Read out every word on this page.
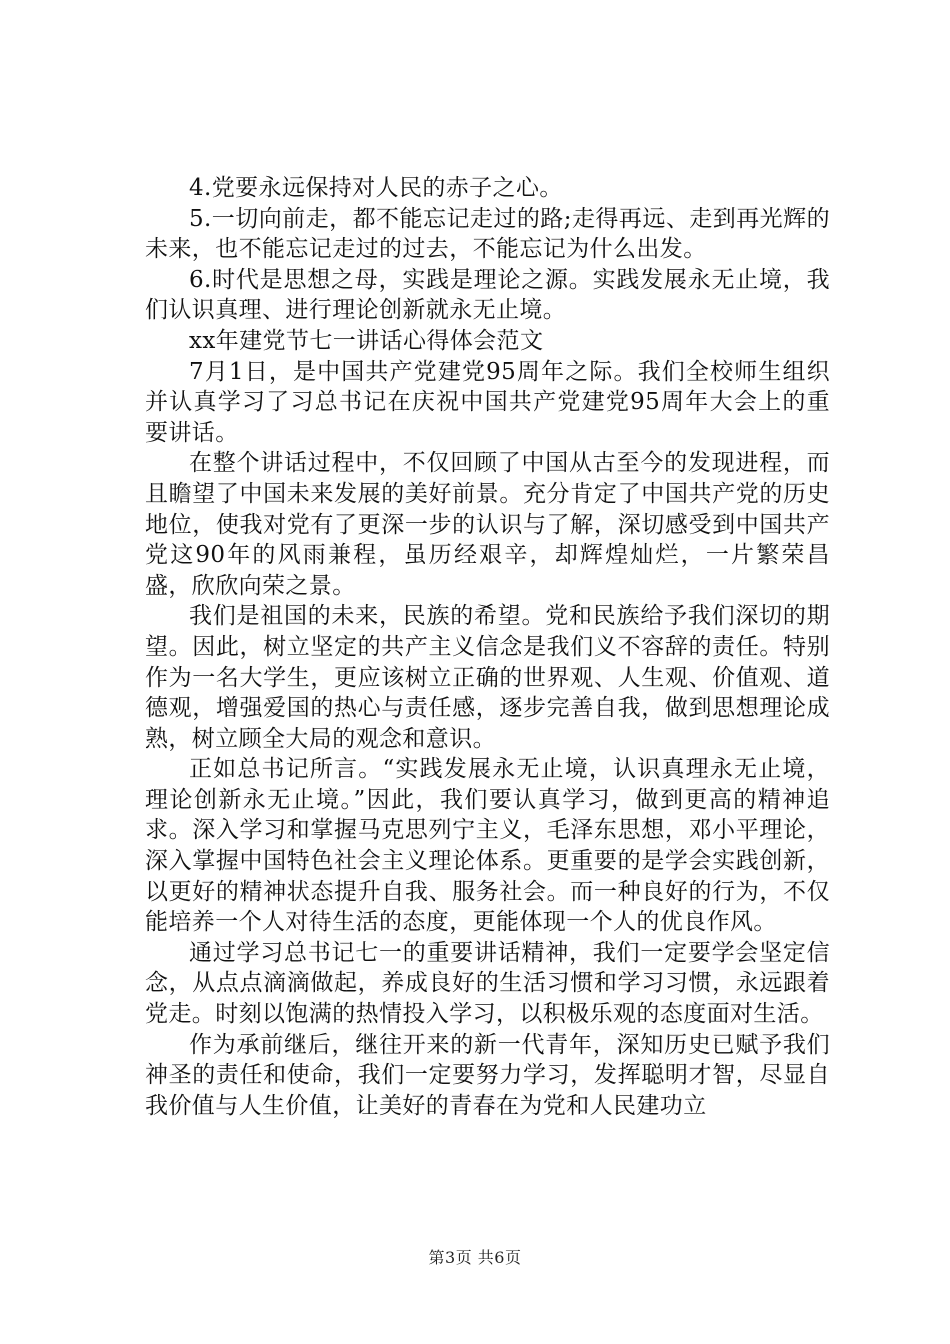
4.党要永远保持对人民的赤子之心。

5.一切向前走，都不能忘记走过的路;走得再远、走到再光辉的未来，也不能忘记走过的过去，不能忘记为什么出发。

6.时代是思想之母，实践是理论之源。实践发展永无止境，我们认识真理、进行理论创新就永无止境。

xx年建党节七一讲话心得体会范文

7月1日，是中国共产党建党95周年之际。我们全校师生组织并认真学习了习总书记在庆祝中国共产党建党95周年大会上的重要讲话。

在整个讲话过程中，不仅回顾了中国从古至今的发现进程，而且瞻望了中国未来发展的美好前景。充分肯定了中国共产党的历史地位，使我对党有了更深一步的认识与了解，深切感受到中国共产党这90年的风雨兼程，虽历经艰辛，却辉煌灿烂，一片繁荣昌盛，欣欣向荣之景。

我们是祖国的未来，民族的希望。党和民族给予我们深切的期望。因此，树立坚定的共产主义信念是我们义不容辞的责任。特别作为一名大学生，更应该树立正确的世界观、人生观、价值观、道德观，增强爱国的热心与责任感，逐步完善自我，做到思想理论成熟，树立顾全大局的观念和意识。

正如总书记所言。“实践发展永无止境，认识真理永无止境，理论创新永无止境。”因此，我们要认真学习，做到更高的精神追求。深入学习和掌握马克思列宁主义，毛泽东思想，邓小平理论，深入掌握中国特色社会主义理论体系。更重要的是学会实践创新，以更好的精神状态提升自我、服务社会。而一种良好的行为，不仅能培养一个人对待生活的态度，更能体现一个人的优良作风。

通过学习总书记七一的重要讲话精神，我们一定要学会坚定信念，从点点滴滴做起，养成良好的生活习惯和学习习惯，永远跟着党走。时刻以饱满的热情投入学习，以积极乐观的态度面对生活。

作为承前继后，继往开来的新一代青年，深知历史已赋予我们神圣的责任和使命，我们一定要努力学习，发挥聪明才智，尽显自我价值与人生价值，让美好的青春在为党和人民建功立

第3页 共6页
